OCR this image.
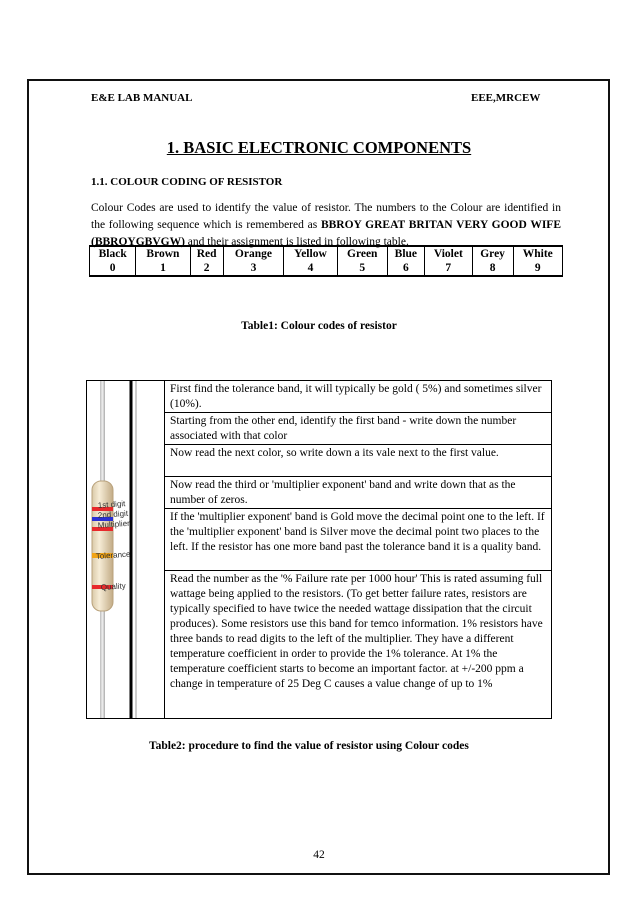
E&E LAB MANUAL	EEE,MRCEW
1. BASIC ELECTRONIC COMPONENTS
1.1. COLOUR CODING OF RESISTOR
Colour Codes are used to identify the value of resistor. The numbers to the Colour are identified in the following sequence which is remembered as BBROY GREAT BRITAN VERY GOOD WIFE (BBROYGBVGW) and their assignment is listed in following table.
Black	Brown	Red	Orange	Yellow	Green	Blue	Violet	Grey	White
0	1	2	3	4	5	6	7	8	9
Table1: Colour codes of resistor
1st digit
2nd digit
Multiplier
Tolerance
Quality
First find the tolerance band, it will typically be gold ( 5%) and sometimes silver (10%).
Starting from the other end, identify the first band - write down the number associated with that color
Now read the next color, so write down a its vale next to the first value.
Now read the third or 'multiplier exponent' band and write down that as the number of zeros.
If the 'multiplier exponent' band is Gold move the decimal point one to the left. If the 'multiplier exponent' band is Silver move the decimal point two places to the left. If the resistor has one more band past the tolerance band it is a quality band.
Read the number as the '% Failure rate per 1000 hour' This is rated assuming full wattage being applied to the resistors. (To get better failure rates, resistors are typically specified to have twice the needed wattage dissipation that the circuit produces). Some resistors use this band for temco information. 1% resistors have three bands to read digits to the left of the multiplier. They have a different temperature coefficient in order to provide the 1% tolerance. At 1% the temperature coefficient starts to become an important factor. at +/-200 ppm a change in temperature of 25 Deg C causes a value change of up to 1%
Table2: procedure to find the value of resistor using Colour codes
42
